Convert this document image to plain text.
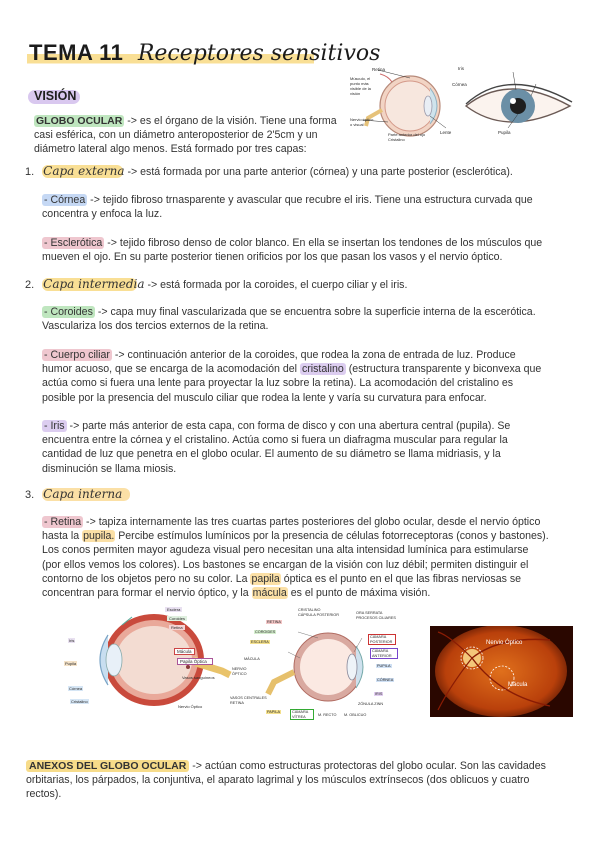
TEMA 11 Receptores sensitivos
VISIÓN
GLOBO OCULAR -> es el órgano de la visión. Tiene una forma
casi esférica, con un diámetro anteroposterior de 2'5cm y un
diámetro lateral algo menos. Está formado por tres capas:
Retina	Iris
Músculo, el punto más visible de la visión
Córnea
Nervio óptico o visual
Parte anterior del ojo Cristalino
Lente	Pupila
1. Capa externa -> está formada por una parte anterior (córnea) y una parte posterior (esclerótica).
- Córnea -> tejido fibroso trnasparente y avascular que recubre el iris. Tiene una estructura curvada que
concentra y enfoca la luz.
- Esclerótica -> tejido fibroso denso de color blanco. En ella se insertan los tendones de los músculos que
mueven el ojo. En su parte posterior tienen orificios por los que pasan los vasos y el nervio óptico.
2. Capa intermedia -> está formada por la coroides, el cuerpo ciliar y el iris.
- Coroides -> capa muy final vascularizada que se encuentra sobre la superficie interna de la escerótica.
Vasculariza los dos tercios externos de la retina.
- Cuerpo ciliar -> continuación anterior de la coroides, que rodea la zona de entrada de luz. Produce
humor acuoso, que se encarga de la acomodación del cristalino (estructura transparente y biconvexa que
actúa como si fuera una lente para proyectar la luz sobre la retina). La acomodación del cristalino es
posible por la presencia del musculo ciliar que rodea la lente y varía su curvatura para enfocar.
- Iris -> parte más anterior de esta capa, con forma de disco y con una abertura central (pupila). Se
encuentra entre la córnea y el cristalino. Actúa como si fuera un diafragma muscular para regular la
cantidad de luz que penetra en el globo ocular. El aumento de su diámetro se llama midriasis, y la
disminución se llama miosis.
3. Capa interna
- Retina -> tapiza internamente las tres cuartas partes posteriores del globo ocular, desde el nervio óptico
hasta la pupila. Percibe estímulos lumínicos por la presencia de células fotorreceptoras (conos y bastones).
Los conos permiten mayor agudeza visual pero necesitan una alta intensidad lumínica para estimularse
(por ellos vemos los colores). Los bastones se encargan de la visión con luz débil; permiten distinguir el
contorno de los objetos pero no su color. La papila óptica es el punto en el que las fibras nerviosas se
concentran para formar el nervio óptico, y la mácula es el punto de máxima visión.
Esclera
Coroides
Retina
Mácula
Papila Óptica
Vasos sanguíneos
Nervio Óptico
Iris
Pupila
Córnea
Cristalino
CRISTALINO
CÁPSULA POSTERIOR	ORA SERRATA
PROCESOS CILIARES
RETINA
COROIDES
ESCLERA
MÁCULA
NERVIO ÓPTICO
VASOS CENTRALES RETINA
PAPILA	CÁMARA VÍTREA	M. RECTO M. OBLICUO
ZÓNULA ZINN
IRIS
CÓRNEA
PUPILA
CÁMARA ANTERIOR
CÁMARA POSTERIOR	Nervio Óptico
Mácula
ANEXOS DEL GLOBO OCULAR -> actúan como estructuras protectoras del globo ocular. Son las cavidades
orbitarias, los párpados, la conjuntiva, el aparato lagrimal y los músculos extrínsecos (dos oblicuos y cuatro
rectos).
